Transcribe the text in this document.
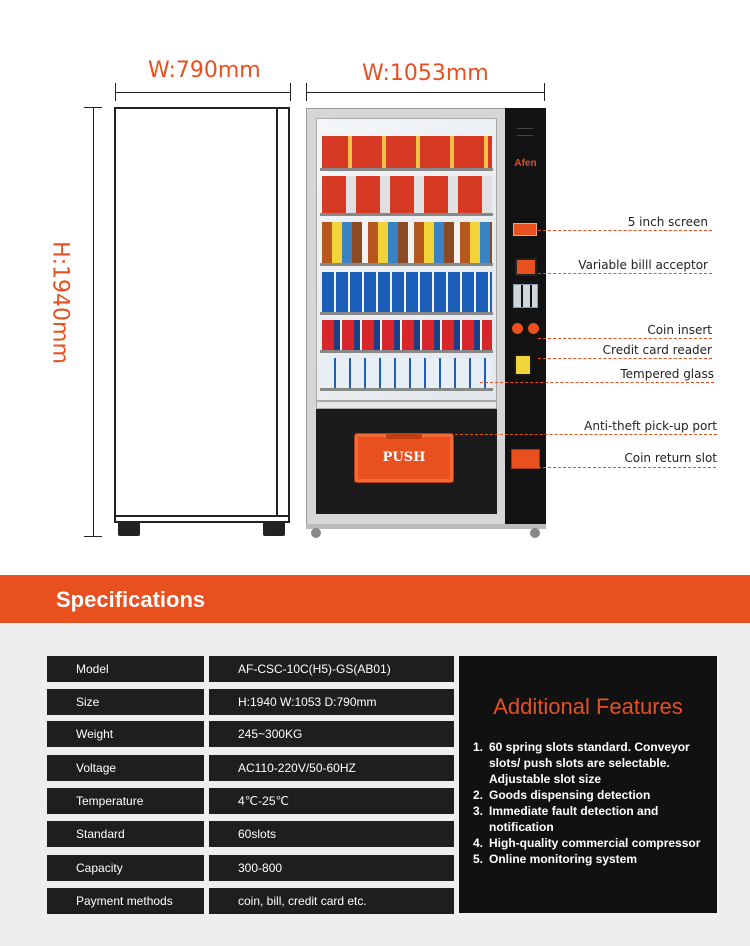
W:790mm	W:1053mm
H:1940mm
PUSH
Afen
5 inch screen
Variable billl acceptor
Coin insert
Credit card reader
Tempered glass
Anti-theft pick-up port
Coin return slot
Specifications
Model	AF-CSC-10C(H5)-GS(AB01)
Size	H:1940 W:1053 D:790mm
Weight	245~300KG
Voltage	AC110-220V/50-60HZ
Temperature	4℃-25℃
Standard	60slots
Capacity	300-800
Payment methods	coin, bill, credit card etc.
Additional Features
1. 60 spring slots standard. Conveyor slots/ push slots are selectable. Adjustable slot size
2. Goods dispensing detection
3. Immediate fault detection and notification
4. High-quality commercial compressor
5. Online monitoring system
